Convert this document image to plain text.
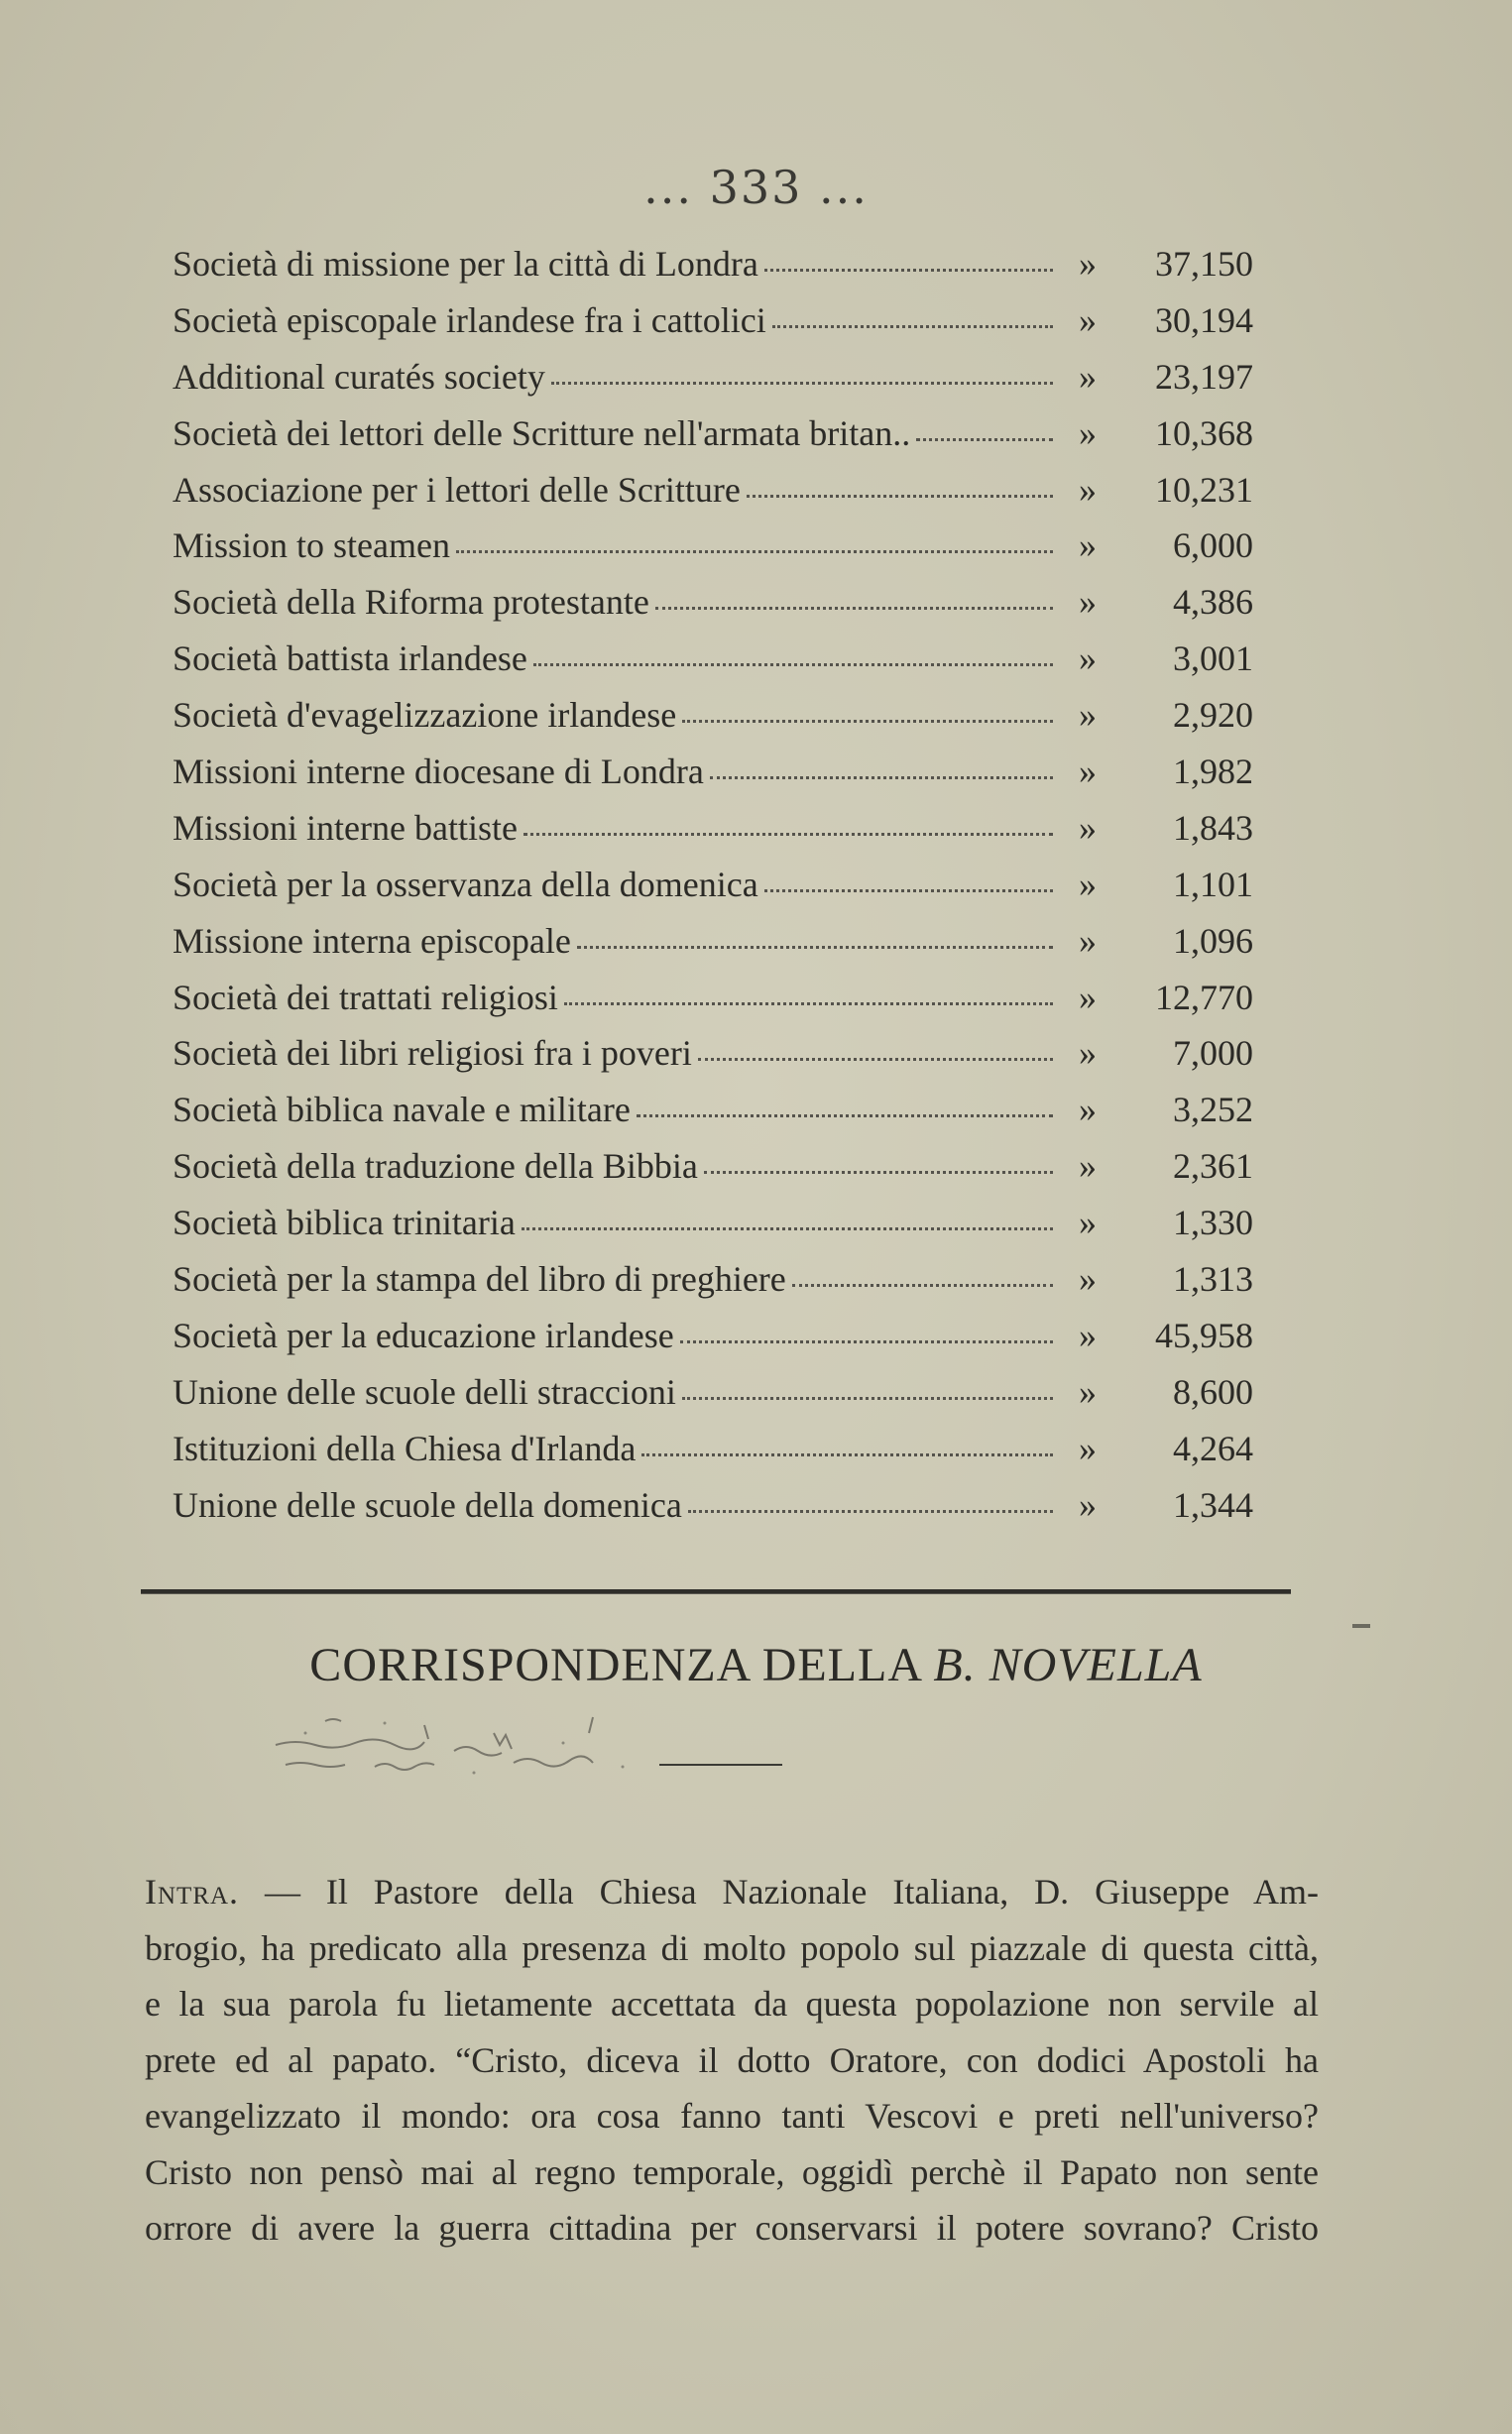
... 333 ...
Società di missione per la città di Londra	»	37,150
Società episcopale irlandese fra i cattolici	»	30,194
Additional curatés society	»	23,197
Società dei lettori delle Scritture nell'armata britan..	»	10,368
Associazione per i lettori delle Scritture	»	10,231
Mission to steamen	»	6,000
Società della Riforma protestante	»	4,386
Società battista irlandese	»	3,001
Società d'evagelizzazione irlandese	»	2,920
Missioni interne diocesane di Londra	»	1,982
Missioni interne battiste	»	1,843
Società per la osservanza della domenica	»	1,101
Missione interna episcopale	»	1,096
Società dei trattati religiosi	»	12,770
Società dei libri religiosi fra i poveri	»	7,000
Società biblica navale e militare	»	3,252
Società della traduzione della Bibbia	»	2,361
Società biblica trinitaria	»	1,330
Società per la stampa del libro di preghiere	»	1,313
Società per la educazione irlandese	»	45,958
Unione delle scuole delli straccioni	»	8,600
Istituzioni della Chiesa d'Irlanda	»	4,264
Unione delle scuole della domenica	»	1,344
CORRISPONDENZA DELLA B. NOVELLA
Intra. — Il Pastore della Chiesa Nazionale Italiana, D. Giuseppe Am-
brogio, ha predicato alla presenza di molto popolo sul piazzale di questa città,
e la sua parola fu lietamente accettata da questa popolazione non servile al
prete ed al papato. “Cristo, diceva il dotto Oratore, con dodici Apostoli ha
evangelizzato il mondo: ora cosa fanno tanti Vescovi e preti nell'universo?
Cristo non pensò mai al regno temporale, oggidì perchè il Papato non sente
orrore di avere la guerra cittadina per conservarsi il potere sovrano? Cristo
